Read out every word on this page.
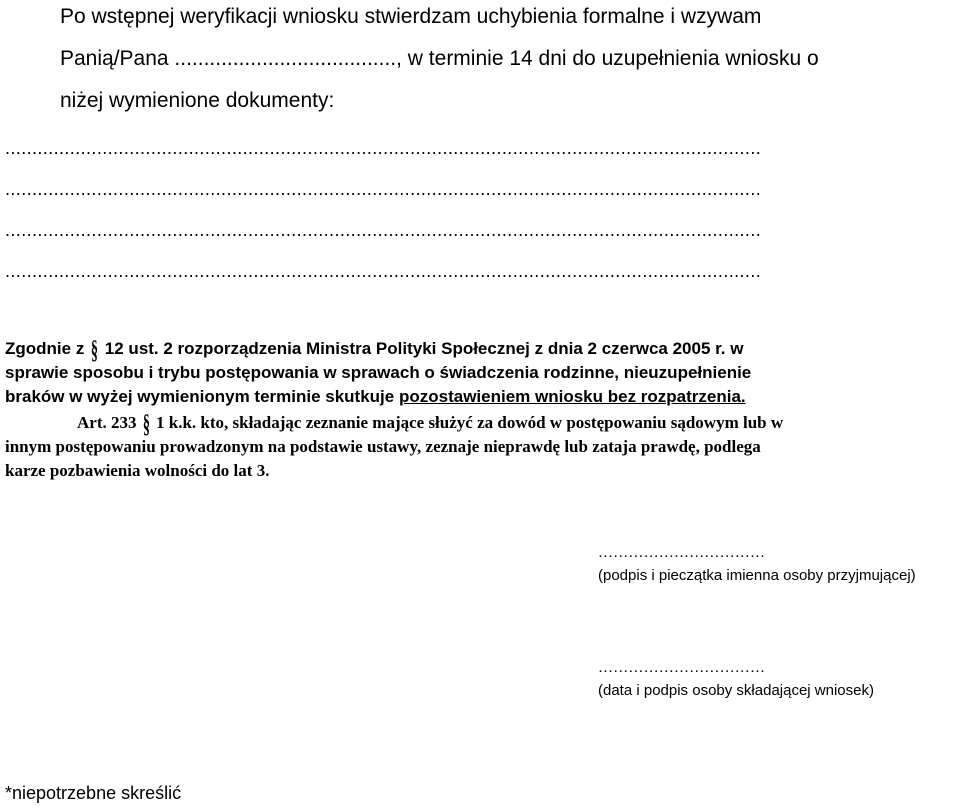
Po wstępnej weryfikacji wniosku stwierdzam uchybienia formalne i wzywam
Panią/Pana ......................................, w terminie 14 dni do uzupełnienia wniosku o
niżej wymienione dokumenty:
............................................................................................................................................
............................................................................................................................................
............................................................................................................................................
............................................................................................................................................
Zgodnie z § 12 ust. 2 rozporządzenia Ministra Polityki Społecznej z dnia 2 czerwca 2005 r. w
sprawie sposobu i trybu postępowania w sprawach o świadczenia rodzinne, nieuzupełnienie
braków w wyżej wymienionym terminie skutkuje pozostawieniem wniosku bez rozpatrzenia.
Art. 233 § 1 k.k. kto, składając zeznanie mające służyć za dowód w postępowaniu sądowym lub w
innym postępowaniu prowadzonym na podstawie ustawy, zeznaje nieprawdę lub zataja prawdę, podlega
karze pozbawienia wolności do lat 3.
……………………………
(podpis i pieczątka imienna osoby przyjmującej)
……………………………
(data i podpis osoby składającej wniosek)
*niepotrzebne skreślić
